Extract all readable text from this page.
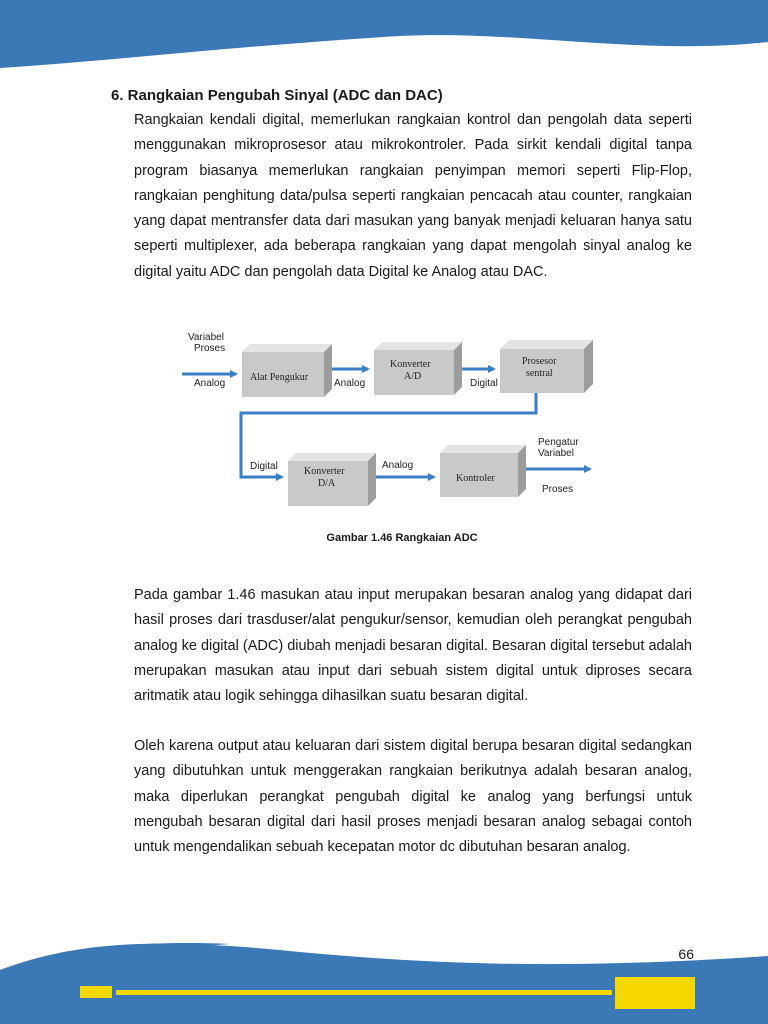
6. Rangkaian Pengubah Sinyal (ADC dan DAC)

Rangkaian kendali digital, memerlukan rangkaian kontrol dan pengolah data seperti menggunakan mikroprosesor atau mikrokontroler. Pada sirkit kendali digital tanpa program biasanya memerlukan rangkaian penyimpan memori seperti Flip-Flop, rangkaian penghitung data/pulsa seperti rangkaian pencacah atau counter, rangkaian yang dapat mentransfer data dari masukan yang banyak menjadi keluaran hanya satu seperti multiplexer, ada beberapa rangkaian yang dapat mengolah sinyal analog ke digital yaitu ADC dan pengolah data Digital ke Analog atau DAC.

Variabel
Proses
Analog
Alat Pengukur
Analog
Konverter
A/D
Digital
Prosesor
sentral
Digital	Konverter
D/A
Analog
Kontroler
Pengatur
Variabel
Proses

Gambar 1.46 Rangkaian ADC

Pada gambar 1.46 masukan atau input merupakan besaran analog yang didapat dari hasil proses dari trasduser/alat pengukur/sensor, kemudian oleh perangkat pengubah analog ke digital (ADC) diubah menjadi besaran digital. Besaran digital tersebut adalah merupakan masukan atau input dari sebuah sistem digital untuk diproses secara aritmatik atau logik sehingga dihasilkan suatu besaran digital.

Oleh karena output atau keluaran dari sistem digital berupa besaran digital sedangkan yang dibutuhkan untuk menggerakan rangkaian berikutnya adalah besaran analog, maka diperlukan perangkat pengubah digital ke analog yang berfungsi untuk mengubah besaran digital dari hasil proses menjadi besaran analog sebagai contoh untuk mengendalikan sebuah kecepatan motor dc dibutuhan besaran analog.

66
